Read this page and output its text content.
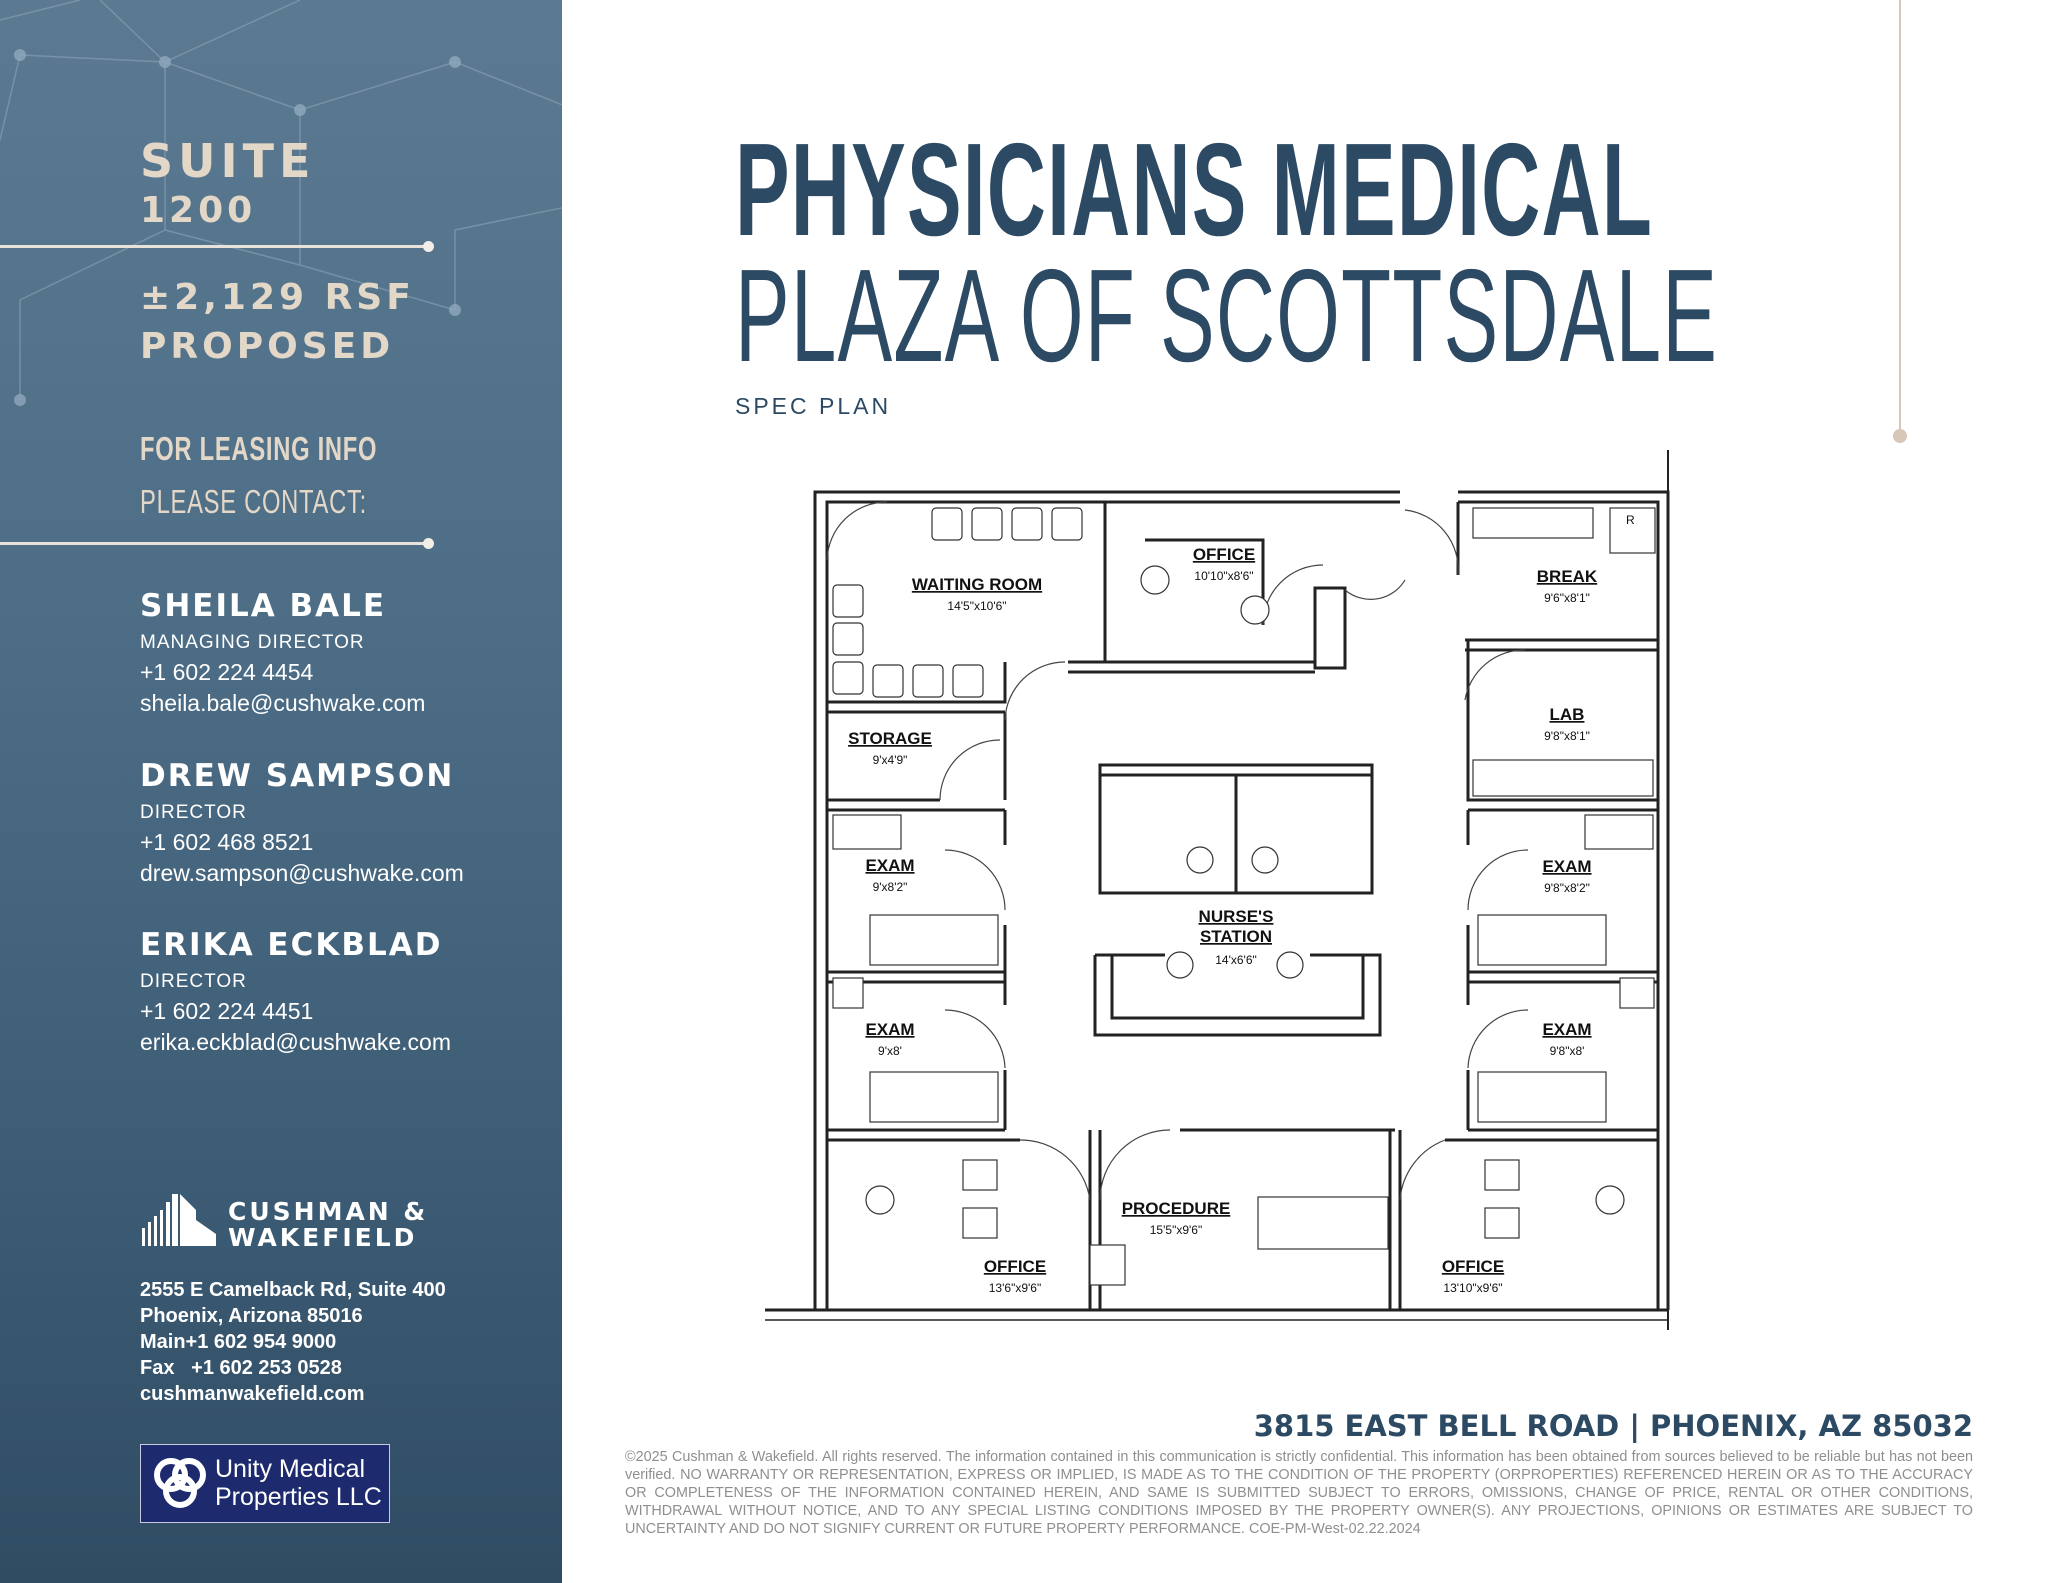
SUITE
1200
±2,129 RSF
PROPOSED
FOR LEASING INFO
PLEASE CONTACT:
SHEILA BALE
MANAGING DIRECTOR
+1 602 224 4454
sheila.bale@cushwake.com
DREW SAMPSON
DIRECTOR
+1 602 468 8521
drew.sampson@cushwake.com
ERIKA ECKBLAD
DIRECTOR
+1 602 224 4451
erika.eckblad@cushwake.com
CUSHMAN &
WAKEFIELD
2555 E Camelback Rd, Suite 400
Phoenix, Arizona 85016
Main+1 602 954 9000
Fax   +1 602 253 0528
cushmanwakefield.com
Unity Medical
Properties LLC
PHYSICIANS MEDICAL
PLAZA OF SCOTTSDALE
SPEC PLAN
R
WAITING ROOM
14'5"x10'6"
OFFICE
10'10"x8'6"	BREAK
9'6"x8'1"
STORAGE
9'x4'9"
LAB
9'8"x8'1"
EXAM
9'x8'2"
EXAM
9'8"x8'2"
NURSE'S
STATION
14'x6'6"
EXAM
9'x8'
EXAM
9'8"x8'
PROCEDURE
15'5"x9'6"
OFFICE
13'6"x9'6"
OFFICE
13'10"x9'6"
3815 EAST BELL ROAD | PHOENIX, AZ 85032
©2025 Cushman & Wakefield. All rights reserved. The information contained in this communication is strictly confidential. This information has been obtained from sources believed to be reliable but has not been verified. NO WARRANTY OR REPRESENTATION, EXPRESS OR IMPLIED, IS MADE AS TO THE CONDITION OF THE PROPERTY (ORPROPERTIES) REFERENCED HEREIN OR AS TO THE ACCURACY OR COMPLETENESS OF THE INFORMATION CONTAINED HEREIN, AND SAME IS SUBMITTED SUBJECT TO ERRORS, OMISSIONS, CHANGE OF PRICE, RENTAL OR OTHER CONDITIONS, WITHDRAWAL WITHOUT NOTICE, AND TO ANY SPECIAL LISTING CONDITIONS IMPOSED BY THE PROPERTY OWNER(S). ANY PROJECTIONS, OPINIONS OR ESTIMATES ARE SUBJECT TO UNCERTAINTY AND DO NOT SIGNIFY CURRENT OR FUTURE PROPERTY PERFORMANCE. COE-PM-West-02.22.2024
